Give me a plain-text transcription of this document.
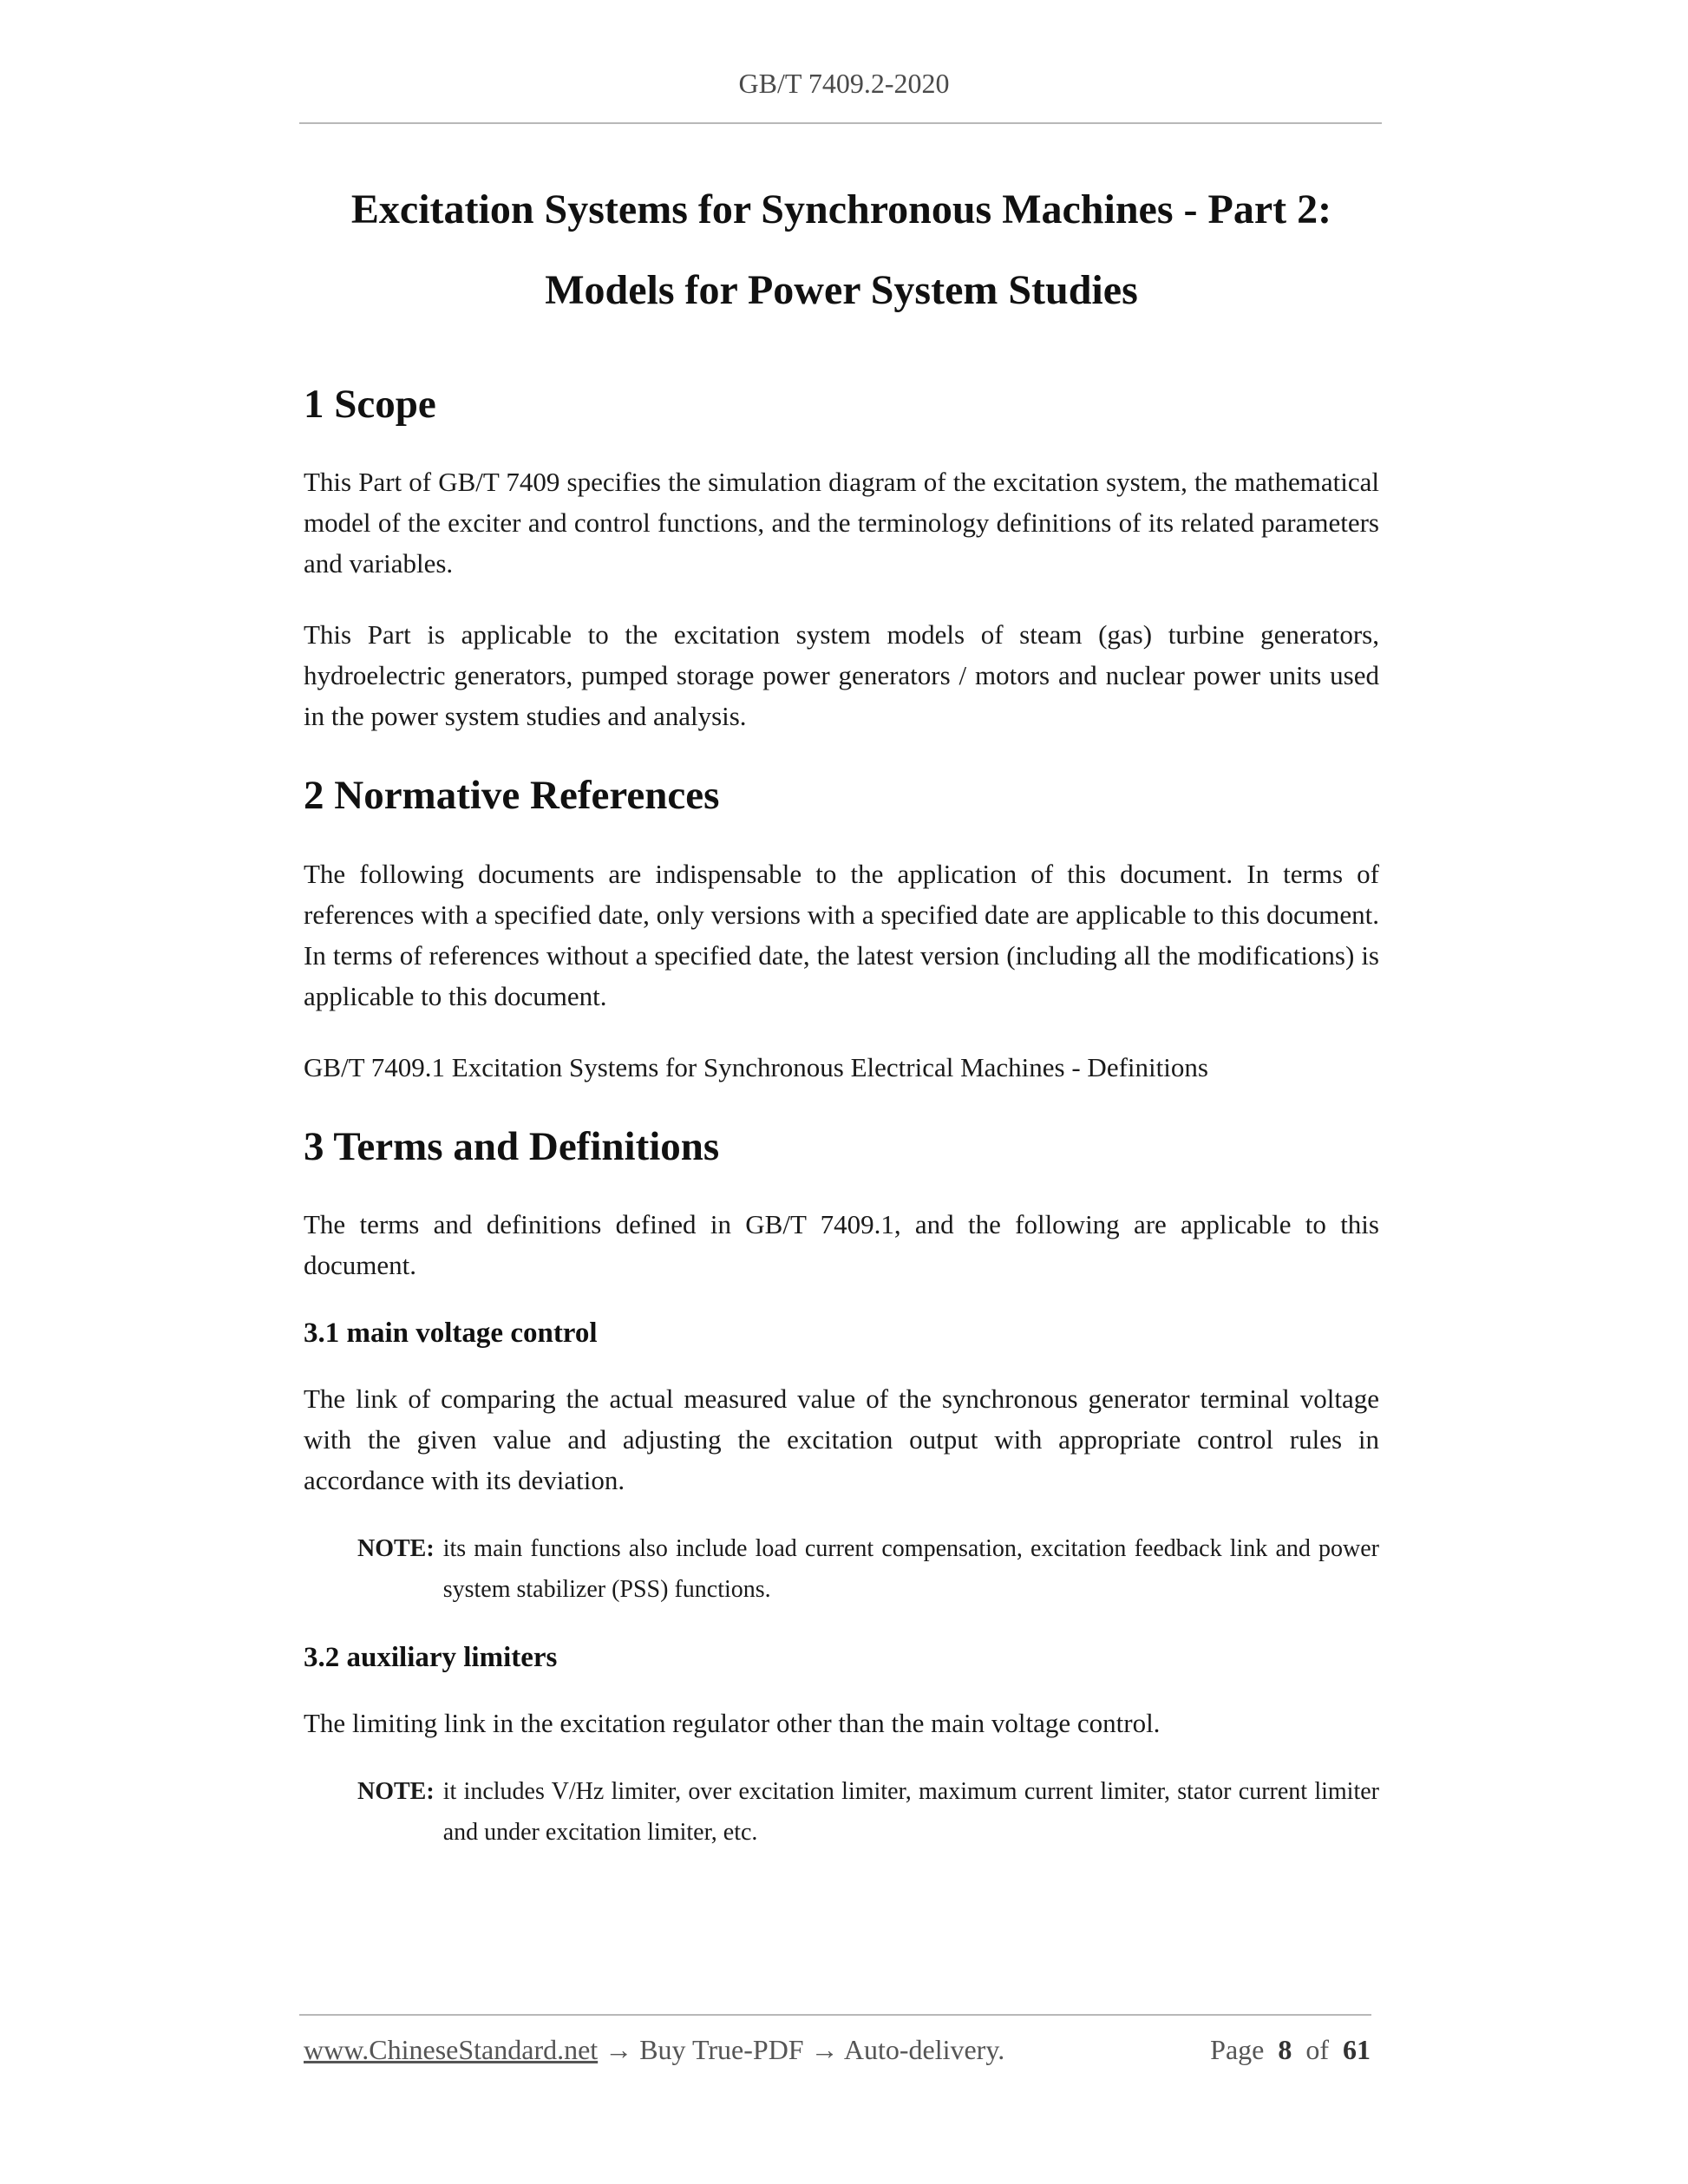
GB/T 7409.2-2020
Excitation Systems for Synchronous Machines - Part 2:
Models for Power System Studies
1 Scope

This Part of GB/T 7409 specifies the simulation diagram of the excitation system, the mathematical model of the exciter and control functions, and the terminology definitions of its related parameters and variables.

This Part is applicable to the excitation system models of steam (gas) turbine generators, hydroelectric generators, pumped storage power generators / motors and nuclear power units used in the power system studies and analysis.

2 Normative References

The following documents are indispensable to the application of this document. In terms of references with a specified date, only versions with a specified date are applicable to this document. In terms of references without a specified date, the latest version (including all the modifications) is applicable to this document.

GB/T 7409.1 Excitation Systems for Synchronous Electrical Machines - Definitions

3 Terms and Definitions

The terms and definitions defined in GB/T 7409.1, and the following are applicable to this document.

3.1 main voltage control

The link of comparing the actual measured value of the synchronous generator terminal voltage with the given value and adjusting the excitation output with appropriate control rules in accordance with its deviation.

NOTE: its main functions also include load current compensation, excitation feedback link and power system stabilizer (PSS) functions.
3.2 auxiliary limiters

The limiting link in the excitation regulator other than the main voltage control.

NOTE: it includes V/Hz limiter, over excitation limiter, maximum current limiter, stator current limiter and under excitation limiter, etc.
www.ChineseStandard.net → Buy True-PDF → Auto-delivery.	Page 8 of 61
